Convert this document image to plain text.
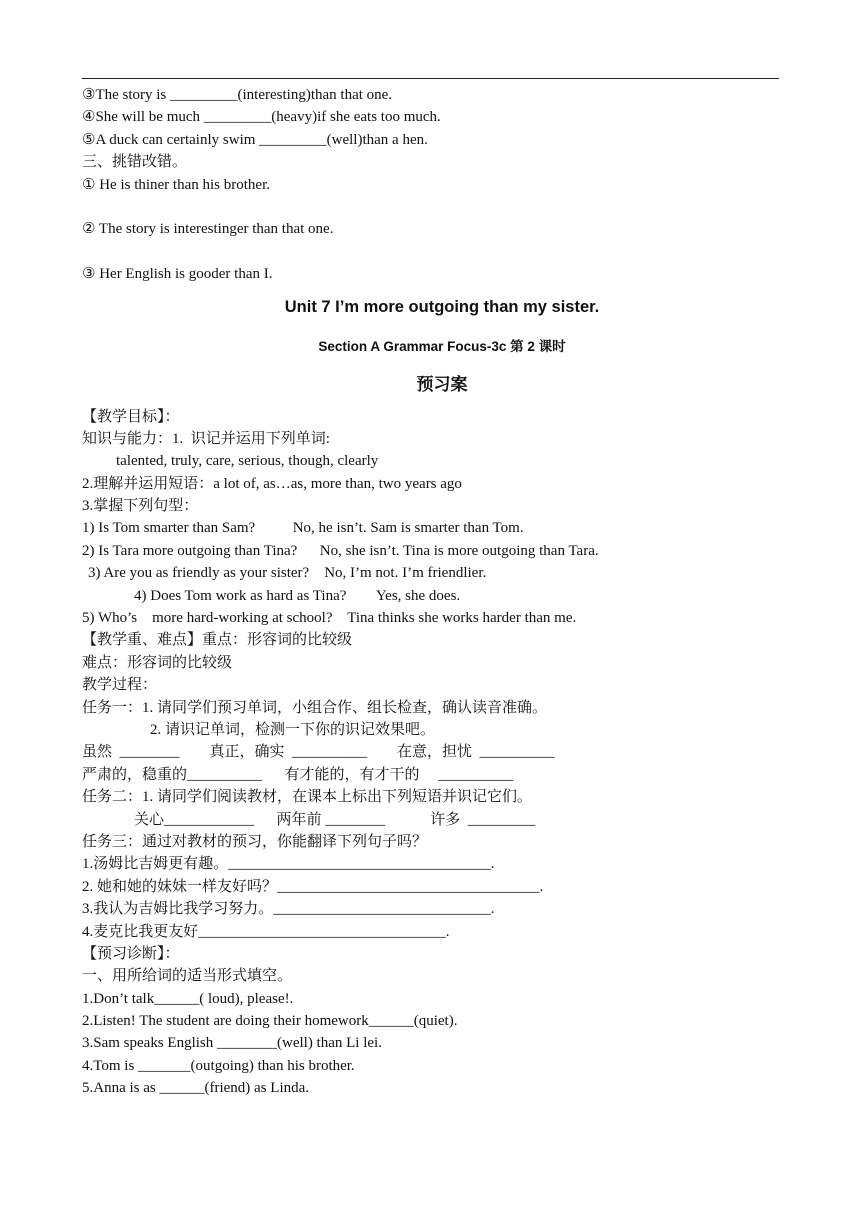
③The story is _________(interesting)than that one.
④She will be much _________(heavy)if she eats too much.
⑤A duck can certainly swim _________(well)than a hen.
三、挑错改错。
① He is thiner than his brother.
② The story is interestinger than that one.
③ Her English is gooder than I.
Unit 7 I’m more outgoing than my sister.
Section A Grammar Focus-3c 第 2 课时
预习案
【教学目标】：
知识与能力：1.  识记并运用下列单词:
talented, truly, care, serious, though, clearly
2.理解并运用短语：a lot of, as…as, more than, two years ago
3.掌握下列句型：
1) Is Tom smarter than Sam?          No, he isn’t. Sam is smarter than Tom.
2) Is Tara more outgoing than Tina?      No, she isn’t. Tina is more outgoing than Tara.
3) Are you as friendly as your sister?    No, I’m not. I’m friendlier.
4) Does Tom work as hard as Tina?        Yes, she does.
5) Who’s    more hard-working at school?    Tina thinks she works harder than me.
【教学重、难点】重点：形容词的比较级
难点：形容词的比较级
教学过程：
任务一：1. 请同学们预习单词，小组合作、组长检查，确认读音准确。
2. 请识记单词，检测一下你的识记效果吧。
虽然  ________        真正，确实  __________        在意，担忧  __________
严肃的，稳重的__________      有才能的，有才干的     __________
任务二：1. 请同学们阅读教材，在课本上标出下列短语并识记它们。
关心____________      两年前 ________            许多  _________
任务三：通过对教材的预习，你能翻译下列句子吗？
1.汤姆比吉姆更有趣。___________________________________.
2. 她和她的妹妹一样友好吗？___________________________________.
3.我认为吉姆比我学习努力。_____________________________.
4.麦克比我更友好_________________________________.
【预习诊断】：
一、用所给词的适当形式填空。
1.Don’t talk______( loud), please!.
2.Listen! The student are doing their homework______(quiet).
3.Sam speaks English ________(well) than Li lei.
4.Tom is _______(outgoing) than his brother.
5.Anna is as ______(friend) as Linda.
